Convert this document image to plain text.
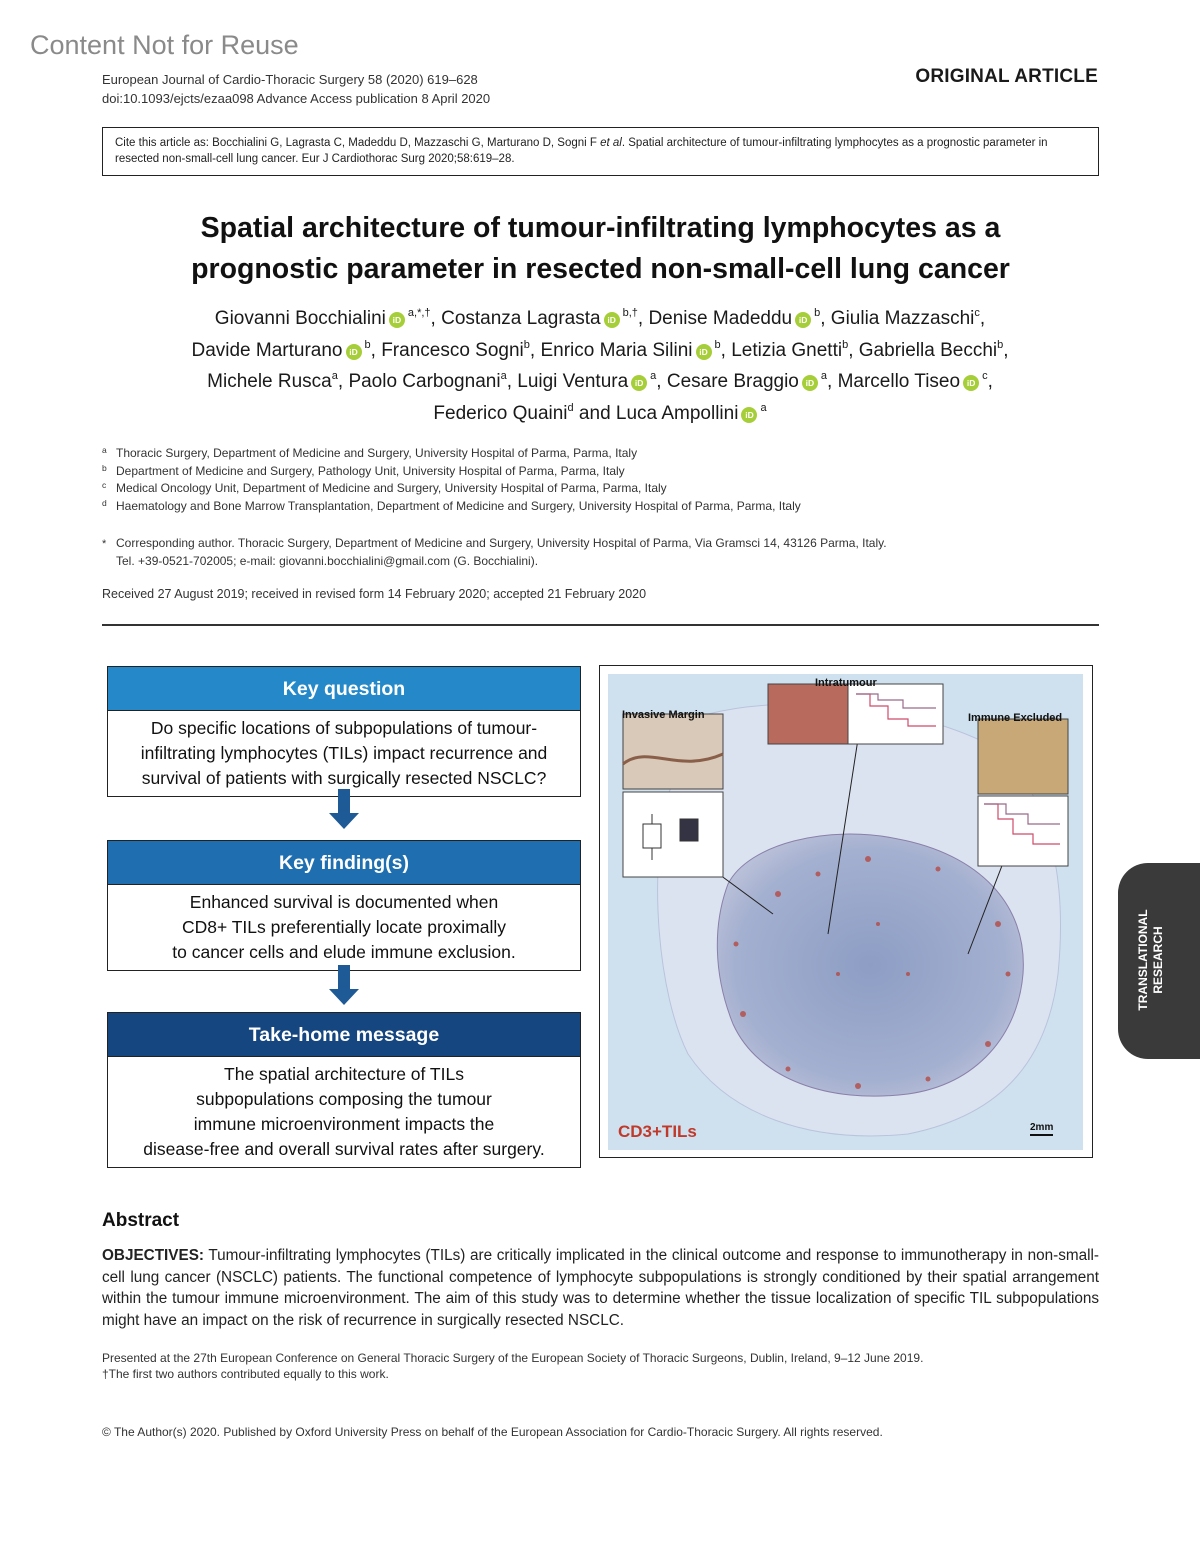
Content Not for Reuse
European Journal of Cardio-Thoracic Surgery 58 (2020) 619–628
doi:10.1093/ejcts/ezaa098 Advance Access publication 8 April 2020
ORIGINAL ARTICLE
Cite this article as: Bocchialini G, Lagrasta C, Madeddu D, Mazzaschi G, Marturano D, Sogni F et al. Spatial architecture of tumour-infiltrating lymphocytes as a prognostic parameter in resected non-small-cell lung cancer. Eur J Cardiothorac Surg 2020;58:619–28.
Spatial architecture of tumour-infiltrating lymphocytes as a
prognostic parameter in resected non-small-cell lung cancer
Giovanni Bocchialini $iD^{a,*,\dagger}$, Costanza Lagrasta $iD^{b,\dagger}$, Denise Madeddu $iD^b$, Giulia Mazzaschi$^c$,
Davide Marturano $iD^b$, Francesco Sogni$^b$, Enrico Maria Silini $iD^b$, Letizia Gnetti$^b$, Gabriella Becchi$^b$,
Michele Rusca$^a$, Paolo Carbognani$^a$, Luigi Ventura $iD^a$, Cesare Braggio $iD^a$, Marcello Tiseo $iD^c$,
Federico Quaini$^d$ and Luca Ampollini $iD^a$
a Thoracic Surgery, Department of Medicine and Surgery, University Hospital of Parma, Parma, Italy
b Department of Medicine and Surgery, Pathology Unit, University Hospital of Parma, Parma, Italy
c Medical Oncology Unit, Department of Medicine and Surgery, University Hospital of Parma, Parma, Italy
d Haematology and Bone Marrow Transplantation, Department of Medicine and Surgery, University Hospital of Parma, Parma, Italy
* Corresponding author. Thoracic Surgery, Department of Medicine and Surgery, University Hospital of Parma, Via Gramsci 14, 43126 Parma, Italy.
Tel. +39-0521-702005; e-mail: giovanni.bocchialini@gmail.com (G. Bocchialini).
Received 27 August 2019; received in revised form 14 February 2020; accepted 21 February 2020
Key question
Do specific locations of subpopulations of tumour-
infiltrating lymphocytes (TILs) impact recurrence and
survival of patients with surgically resected NSCLC?
Key finding(s)
Enhanced survival is documented when
CD8+ TILs preferentially locate proximally
to cancer cells and elude immune exclusion.
Take-home message
The spatial architecture of TILs
subpopulations composing the tumour
immune microenvironment impacts the
disease-free and overall survival rates after surgery.
Intratumour
Invasive Margin	Immune Excluded
CD3+TILs	2mm
TRANSLATIONAL RESEARCH
Abstract
OBJECTIVES: Tumour-infiltrating lymphocytes (TILs) are critically implicated in the clinical outcome and response to immunotherapy in non-small-cell lung cancer (NSCLC) patients. The functional competence of lymphocyte subpopulations is strongly conditioned by their spatial arrangement within the tumour immune microenvironment. The aim of this study was to determine whether the tissue localization of specific TIL subpopulations might have an impact on the risk of recurrence in surgically resected NSCLC.
Presented at the 27th European Conference on General Thoracic Surgery of the European Society of Thoracic Surgeons, Dublin, Ireland, 9–12 June 2019.
†The first two authors contributed equally to this work.
© The Author(s) 2020. Published by Oxford University Press on behalf of the European Association for Cardio-Thoracic Surgery. All rights reserved.
